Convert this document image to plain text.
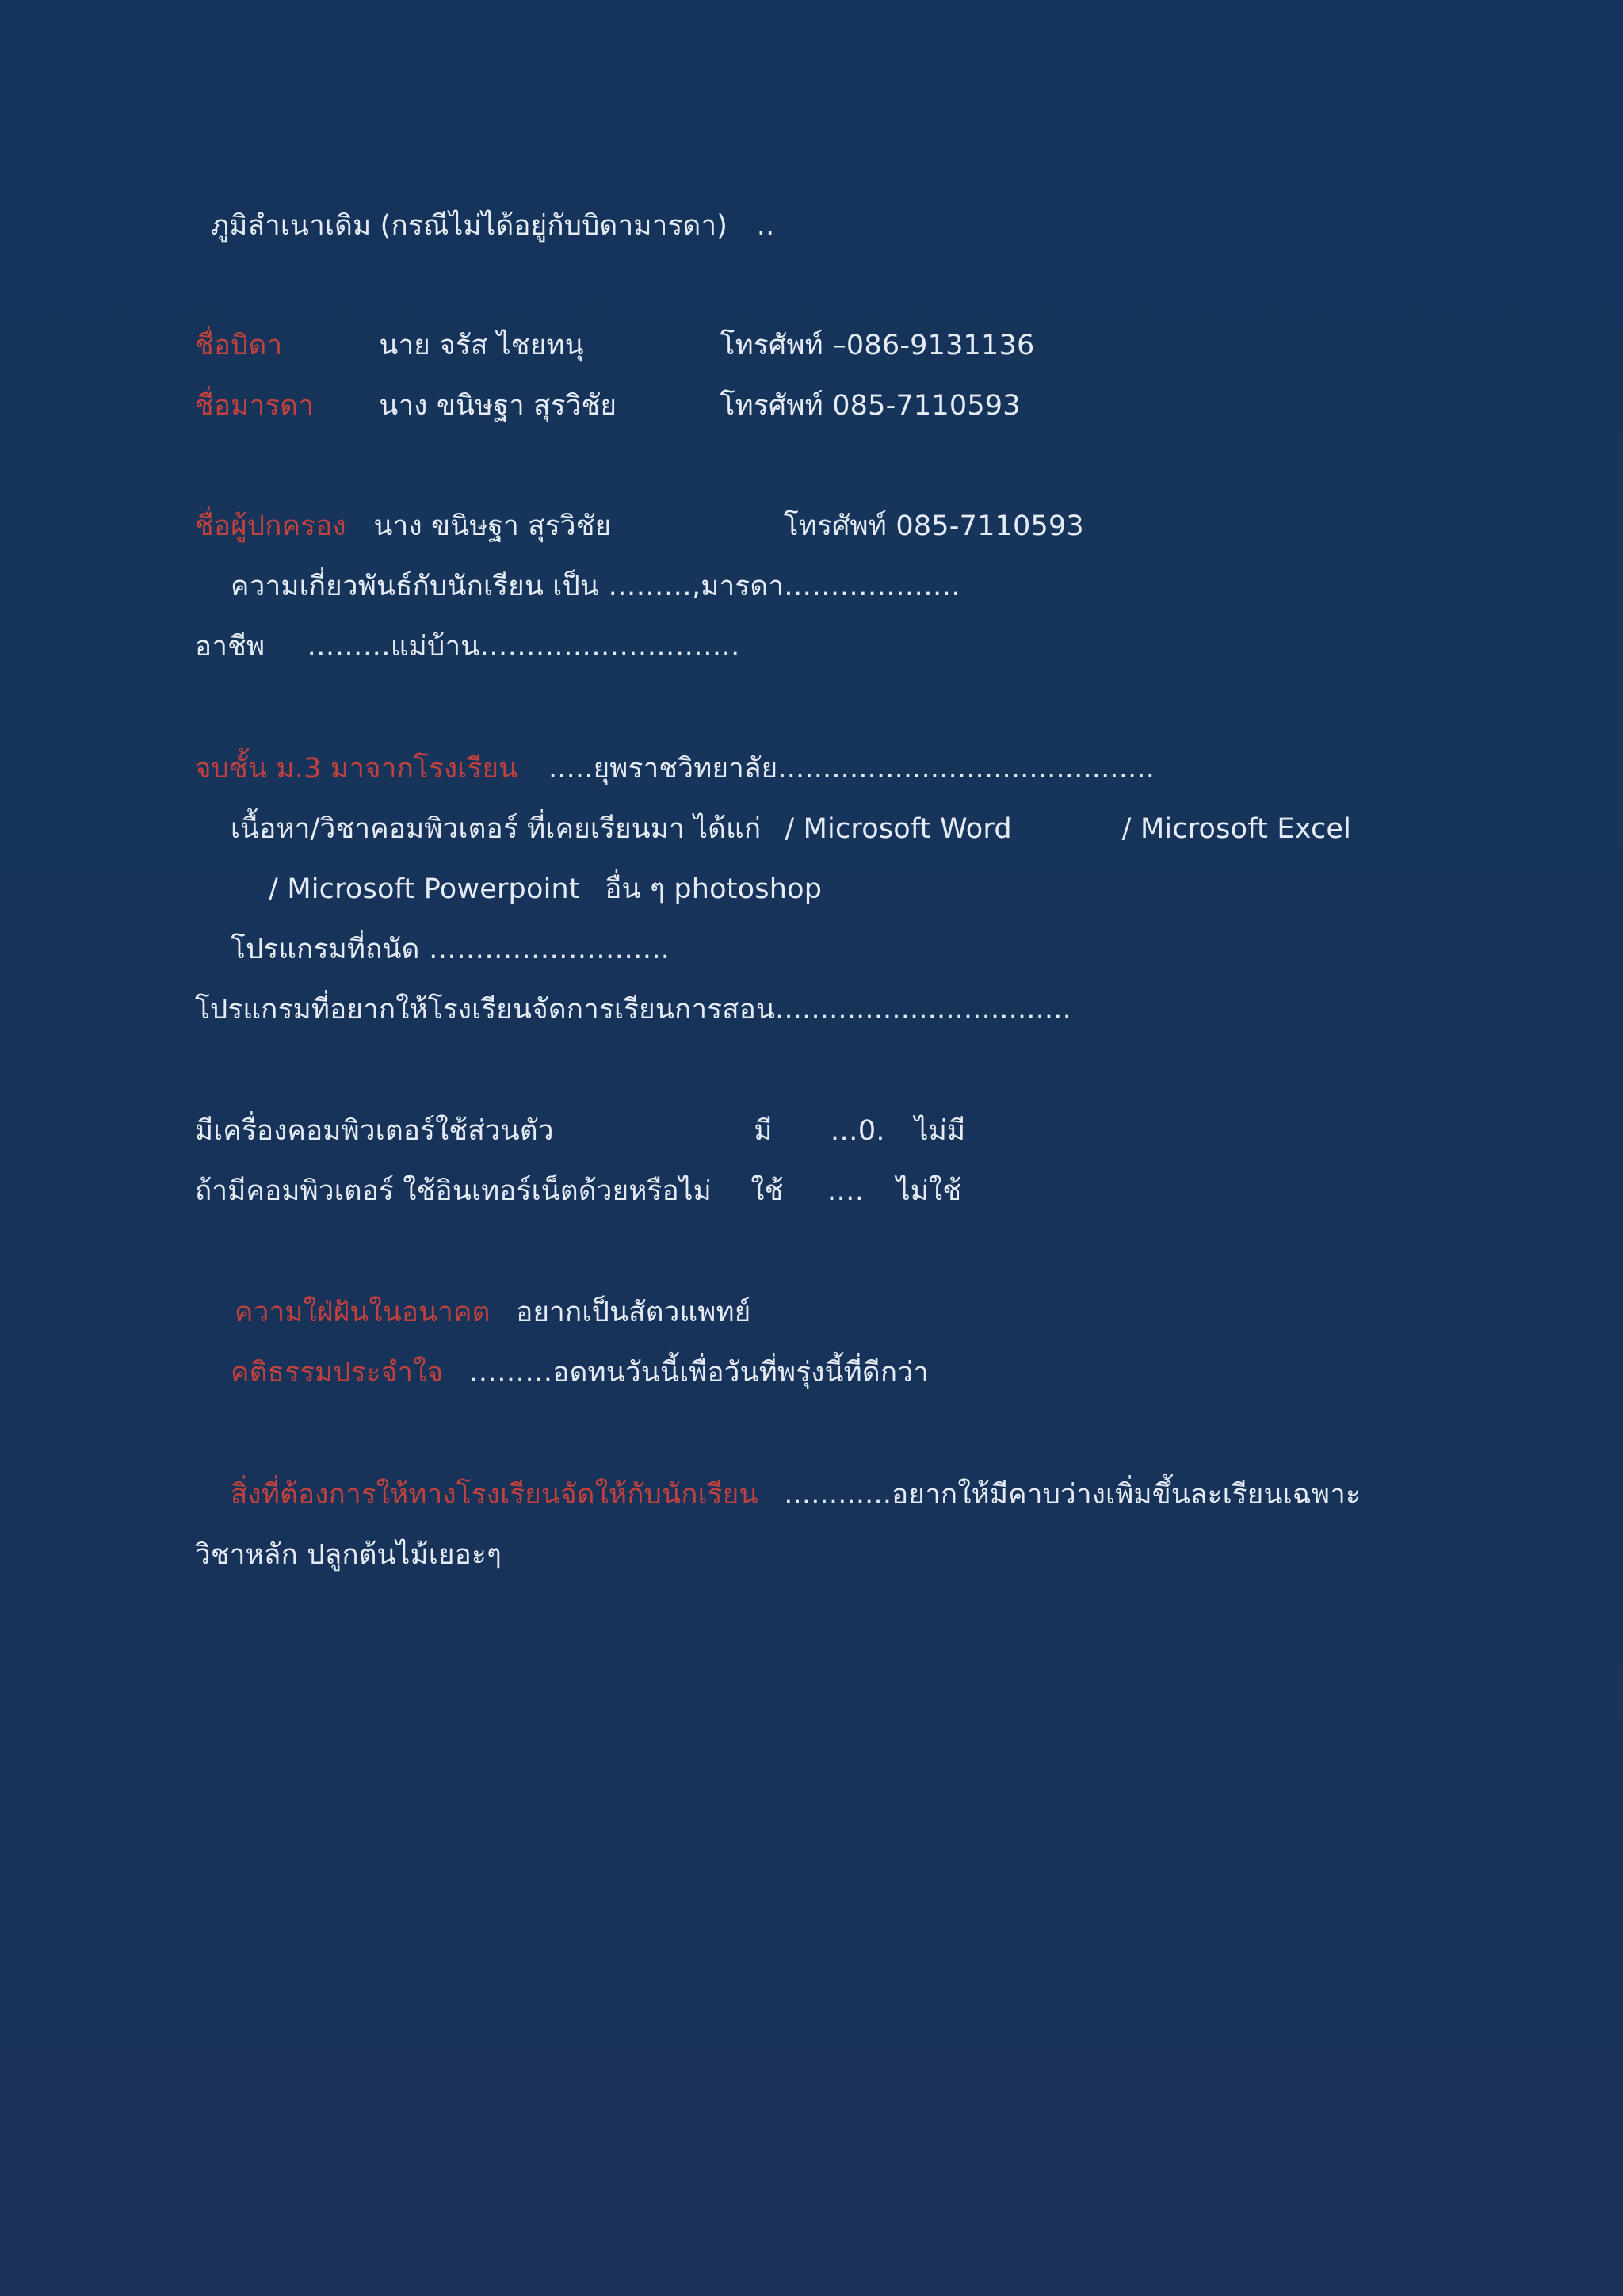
ภูมิลำเนาเดิม (กรณีไม่ได้อยู่กับบิดามารดา) ..
ชื่อบิดา	นาย จรัส ไชยทนุ	โทรศัพท์ –086-9131136
ชื่อมารดา นาง ขนิษฐา สุรวิชัย	โทรศัพท์ 085-7110593
ชื่อผู้ปกครอง นาง ขนิษฐา สุรวิชัย	โทรศัพท์ 085-7110593
ความเกี่ยวพันธ์กับนักเรียน เป็น ………,มารดา……………….
อาชีพ ………แม่บ้าน……………………….
จบชั้น ม.3 มาจากโรงเรียน .....ยุพราชวิทยาลัย..........................................
เนื้อหา/วิชาคอมพิวเตอร์ ที่เคยเรียนมา ได้แก่ / Microsoft Word	/ Microsoft Excel
/ Microsoft Powerpoint อื่น ๆ photoshop
โปรแกรมที่ถนัด ……………………..
โปรแกรมที่อยากให้โรงเรียนจัดการเรียนการสอน.................................
มีเครื่องคอมพิวเตอร์ใช้ส่วนตัว	มี …0. ไม่มี
ถ้ามีคอมพิวเตอร์ ใช้อินเทอร์เน็ตด้วยหรือไม่ ใช้ …. ไม่ใช้
ความใฝ่ฝันในอนาคต อยากเป็นสัตวแพทย์
คติธรรมประจำใจ ………อดทนวันนี้เพื่อวันที่พรุ่งนี้ที่ดีกว่า
สิ่งที่ต้องการให้ทางโรงเรียนจัดให้กับนักเรียน ............อยากให้มีคาบว่างเพิ่มขึ้นละเรียนเฉพาะ
วิชาหลัก ปลูกต้นไม้เยอะๆ
